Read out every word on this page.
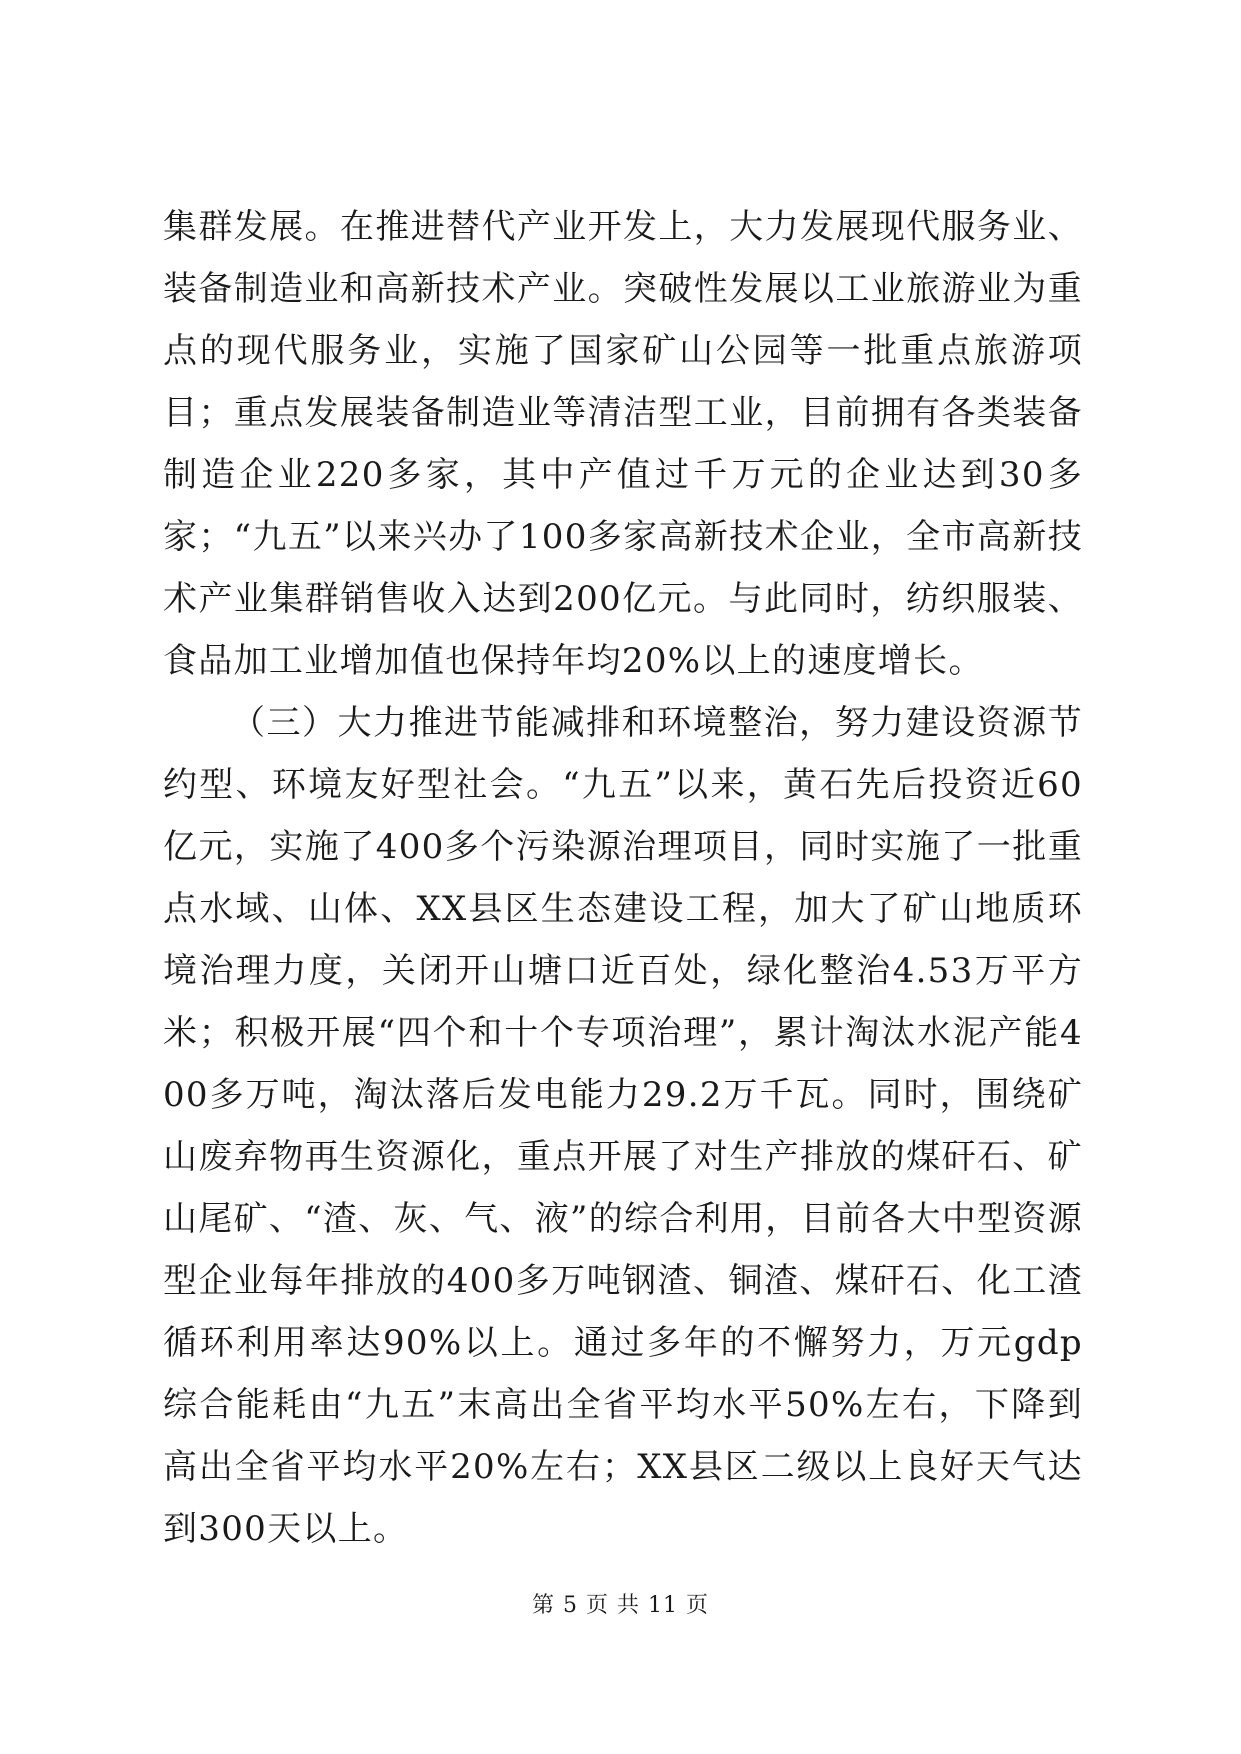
集群发展。在推进替代产业开发上，大力发展现代服务业、装备制造业和高新技术产业。突破性发展以工业旅游业为重点的现代服务业，实施了国家矿山公园等一批重点旅游项目；重点发展装备制造业等清洁型工业，目前拥有各类装备制造企业220多家，其中产值过千万元的企业达到30多家；“九五”以来兴办了100多家高新技术企业，全市高新技术产业集群销售收入达到200亿元。与此同时，纺织服装、食品加工业增加值也保持年均20%以上的速度增长。

（三）大力推进节能减排和环境整治，努力建设资源节约型、环境友好型社会。“九五”以来，黄石先后投资近60亿元，实施了400多个污染源治理项目，同时实施了一批重点水域、山体、XX县区生态建设工程，加大了矿山地质环境治理力度，关闭开山塘口近百处，绿化整治4.53万平方米；积极开展“四个和十个专项治理”，累计淘汰水泥产能400多万吨，淘汰落后发电能力29.2万千瓦。同时，围绕矿山废弃物再生资源化，重点开展了对生产排放的煤矸石、矿山尾矿、“渣、灰、气、液”的综合利用，目前各大中型资源型企业每年排放的400多万吨钢渣、铜渣、煤矸石、化工渣循环利用率达90%以上。通过多年的不懈努力，万元gdp综合能耗由“九五”末高出全省平均水平50%左右，下降到高出全省平均水平20%左右；XX县区二级以上良好天气达到300天以上。

第 5 页 共 11 页
